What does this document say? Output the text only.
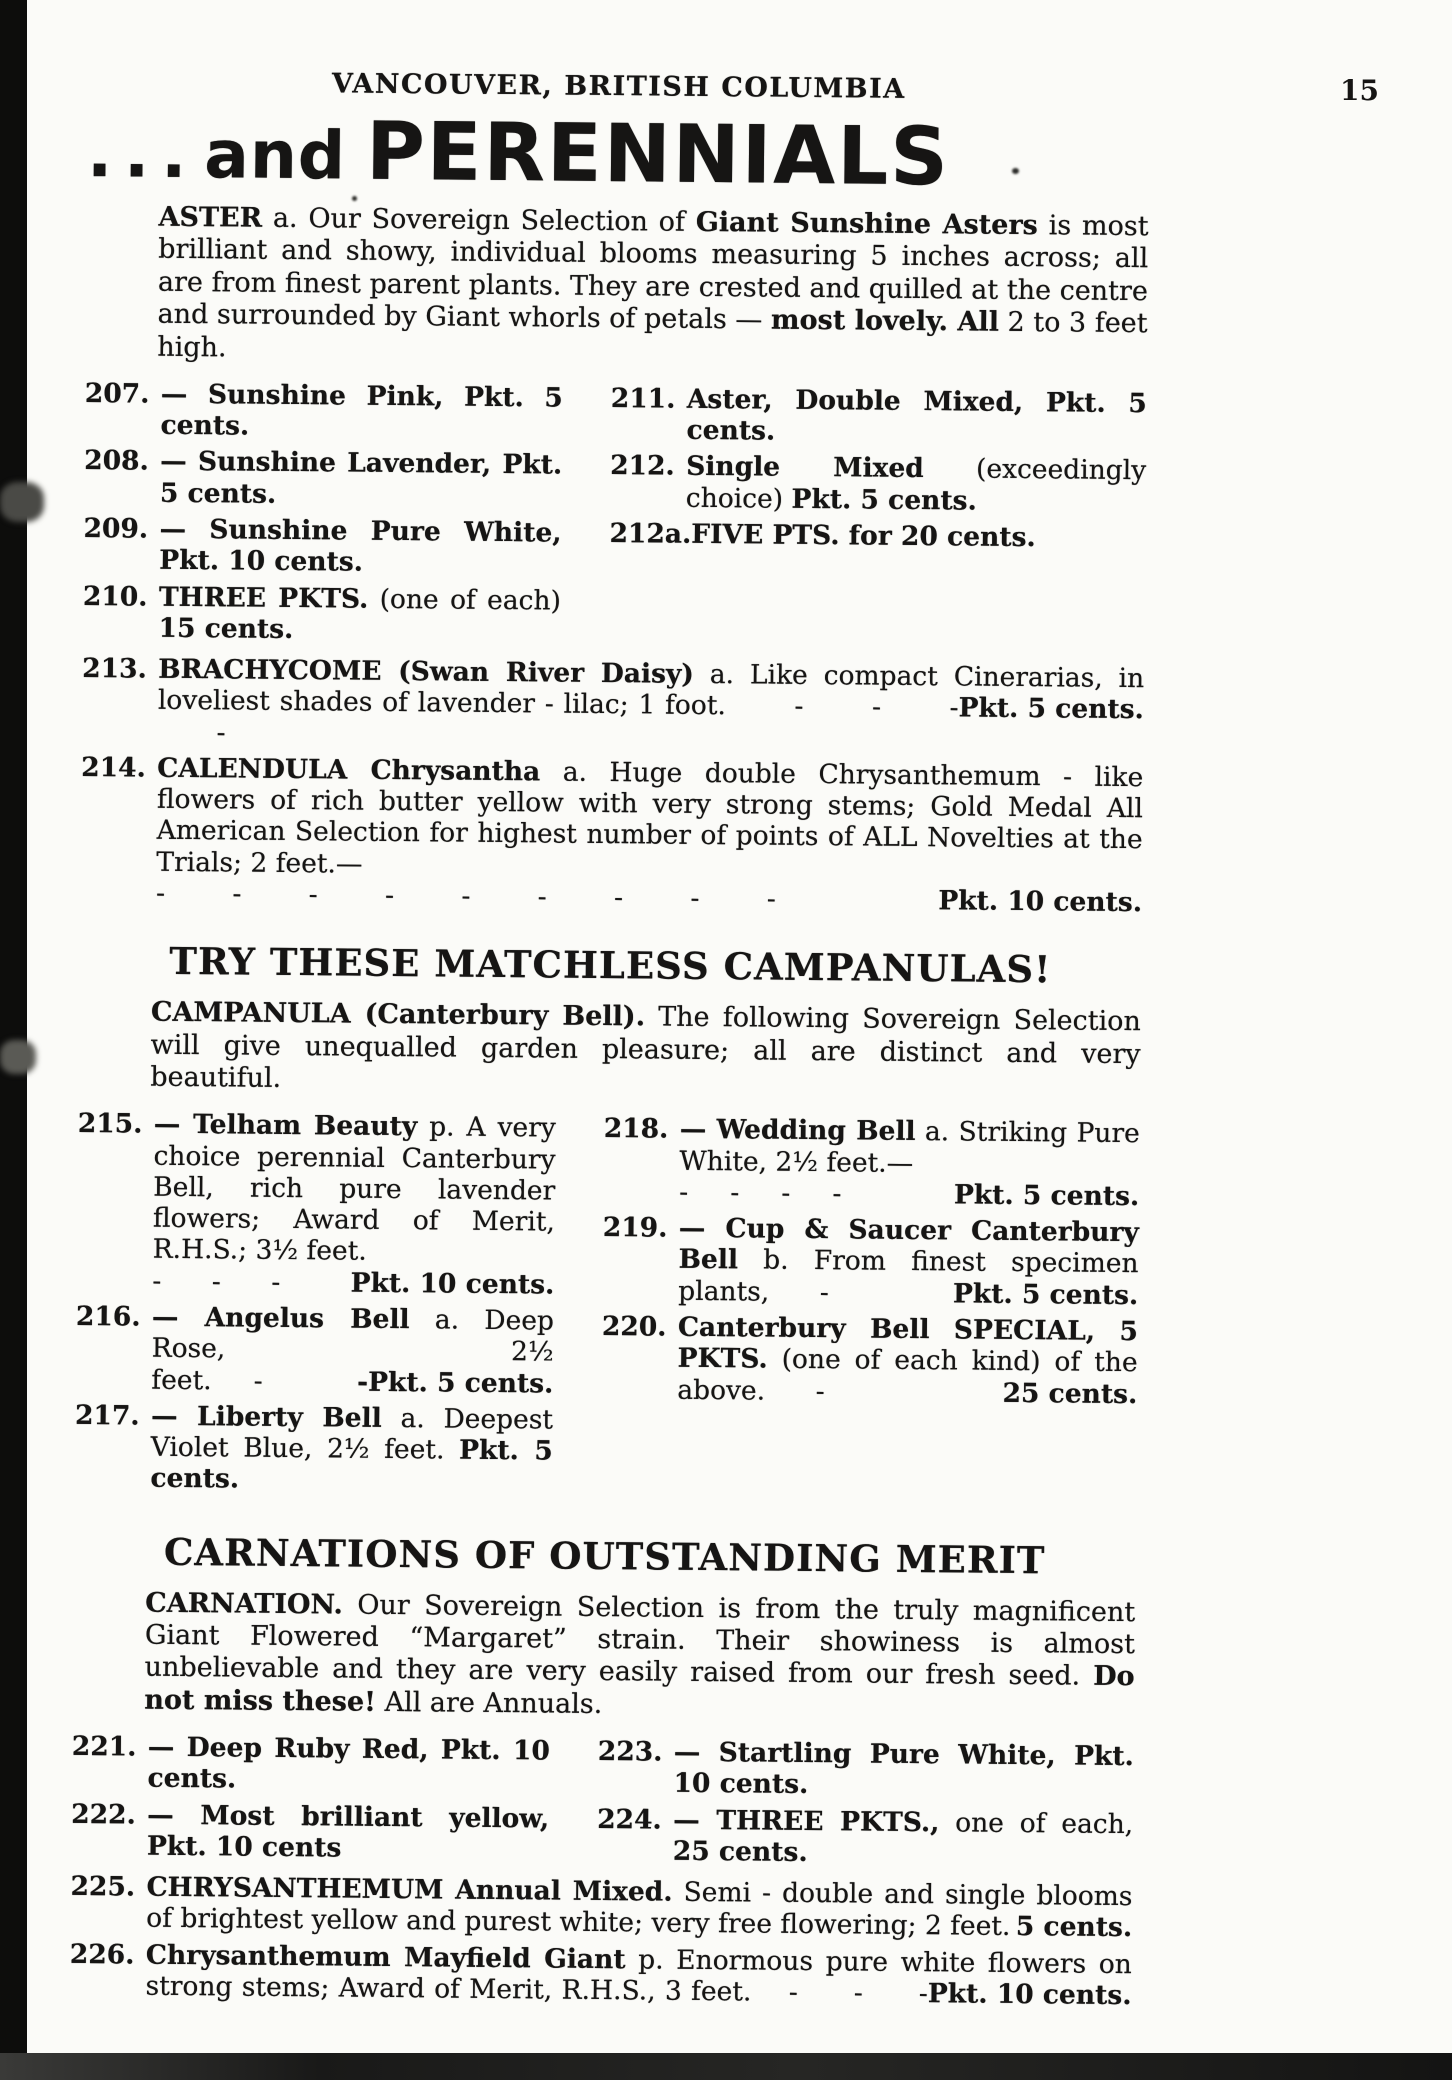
15
VANCOUVER, BRITISH COLUMBIA
... and PERENNIALS

ASTER a. Our Sovereign Selection of Giant Sunshine Asters is most brilliant and showy, individual blooms measuring 5 inches across; all are from finest parent plants. They are crested and quilled at the centre and surrounded by Giant whorls of petals — most lovely. All 2 to 3 feet high.

207. — Sunshine Pink, Pkt. 5 cents.
208. — Sunshine Lavender, Pkt. 5 cents.
209. — Sunshine Pure White, Pkt. 10 cents.
210. THREE PKTS. (one of each) 15 cents.
211. Aster, Double Mixed, Pkt. 5 cents.
212. Single Mixed (exceedingly choice) Pkt. 5 cents.
212a. FIVE PTS. for 20 cents.
213. BRACHYCOME (Swan River Daisy) a. Like compact Cinerarias, in loveliest shades of lavender - lilac; 1 foot.	Pkt. 5 cents.
-       -       -       -
214. CALENDULA Chrysantha a. Huge double Chrysanthemum - like flowers of rich butter yellow with very strong stems; Gold Medal All American Selection for highest number of points of ALL Novelties at the Trials; 2 feet.—

Pkt. 10 cents.
-        -        -        -        -        -        -        -        -
TRY THESE MATCHLESS CAMPANULAS!

CAMPANULA (Canterbury Bell). The following Sovereign Selection will give unequalled garden pleasure; all are distinct and very beautiful.

215. — Telham Beauty p. A very choice perennial Canterbury Bell, rich pure lavender flowers; Award of Merit, R.H.S.; 3½ feet.

Pkt. 10 cents.
-      -      -
216. — Angelus Bell a. Deep Rose, 2½ feet.	-Pkt. 5 cents.
-
217. — Liberty Bell a. Deepest Violet Blue, 2½ feet. Pkt. 5 cents.
218. — Wedding Bell a. Striking Pure White, 2½ feet.—

Pkt. 5 cents.
-     -     -     -
219. — Cup & Saucer Canterbury Bell b. From finest specimen plants,	Pkt. 5 cents.
-
220. Canterbury Bell SPECIAL, 5 PKTS. (one of each kind) of the above.	25 cents.
-
CARNATIONS OF OUTSTANDING MERIT

CARNATION. Our Sovereign Selection is from the truly magnificent Giant Flowered “Margaret” strain. Their showiness is almost unbelievable and they are very easily raised from our fresh seed. Do not miss these! All are Annuals.

221. — Deep Ruby Red, Pkt. 10 cents.
222. — Most brilliant yellow, Pkt. 10 cents
223. — Startling Pure White, Pkt. 10 cents.
224. — THREE PKTS., one of each, 25 cents.
225. CHRYSANTHEMUM Annual Mixed. Semi - double and single blooms of brightest yellow and purest white; very free flowering; 2 feet. 5 cents.
226. Chrysanthemum Mayfield Giant p. Enormous pure white flowers on strong stems; Award of Merit, R.H.S., 3 feet.	Pkt. 10 cents.
-      -      -
